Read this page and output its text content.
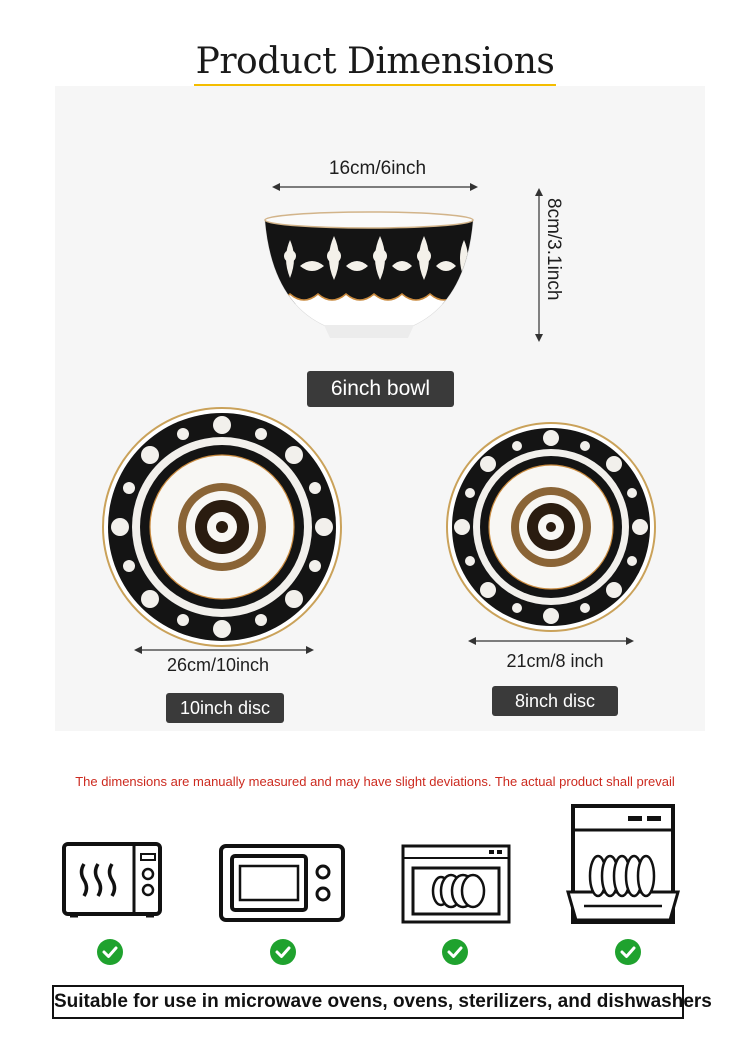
Product Dimensions
16cm/6inch
8cm/3.1inch
6inch bowl
26cm/10inch
10inch disc
21cm/8 inch
8inch disc
The dimensions are manually measured and may have slight deviations. The actual product shall prevail
Suitable for use in microwave ovens, ovens, sterilizers, and dishwashers
